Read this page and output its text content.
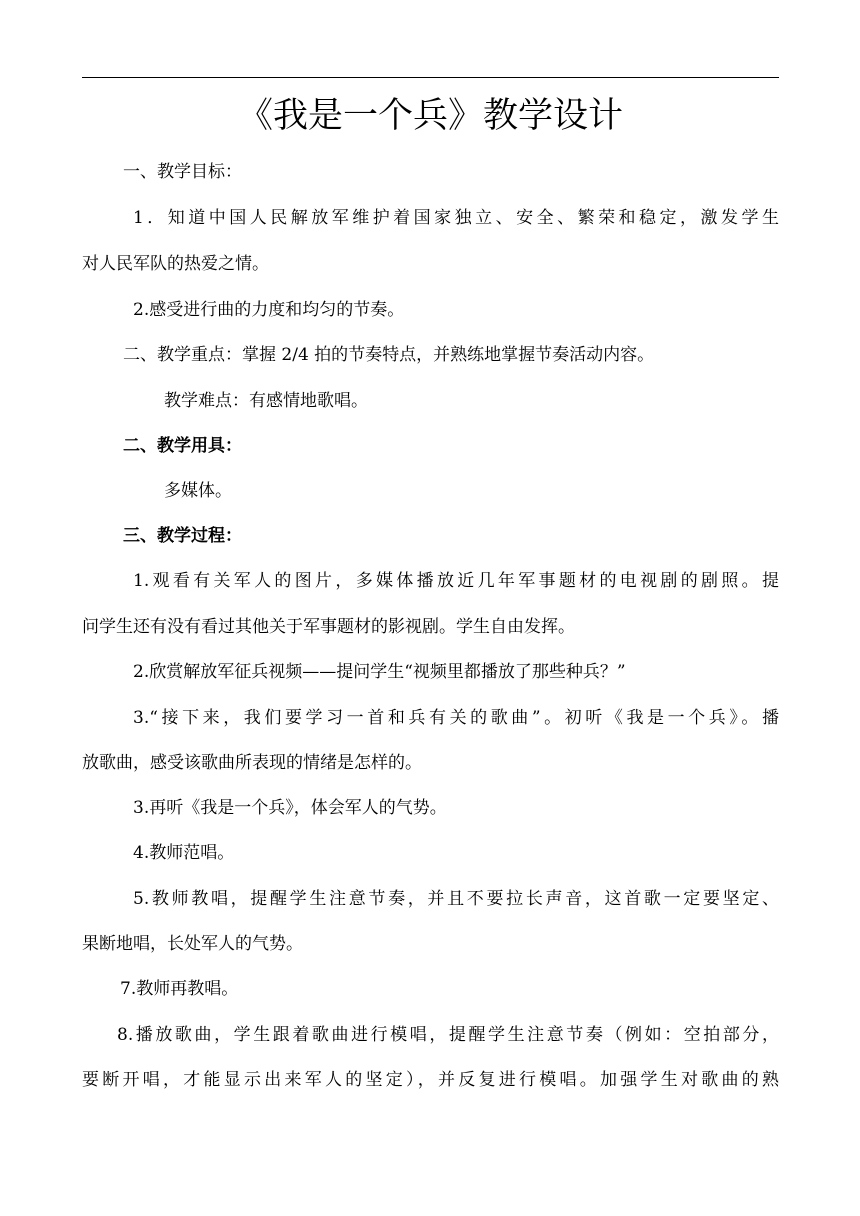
《我是一个兵》教学设计
一、教学目标：
1．知道中国人民解放军维护着国家独立、安全、繁荣和稳定，激发学生
对人民军队的热爱之情。
2.感受进行曲的力度和均匀的节奏。
二、教学重点：掌握 2/4 拍的节奏特点，并熟练地掌握节奏活动内容。
教学难点：有感情地歌唱。
二、教学用具：
多媒体。
三、教学过程：
1.观看有关军人的图片，多媒体播放近几年军事题材的电视剧的剧照。提
问学生还有没有看过其他关于军事题材的影视剧。学生自由发挥。
2.欣赏解放军征兵视频——提问学生“视频里都播放了那些种兵？”
3.“接下来，我们要学习一首和兵有关的歌曲”。初听《我是一个兵》。播
放歌曲，感受该歌曲所表现的情绪是怎样的。
3.再听《我是一个兵》，体会军人的气势。
4.教师范唱。
5.教师教唱，提醒学生注意节奏，并且不要拉长声音，这首歌一定要坚定、
果断地唱，长处军人的气势。
7.教师再教唱。
8.播放歌曲，学生跟着歌曲进行模唱，提醒学生注意节奏（例如：空拍部分，
要断开唱，才能显示出来军人的坚定），并反复进行模唱。加强学生对歌曲的熟
